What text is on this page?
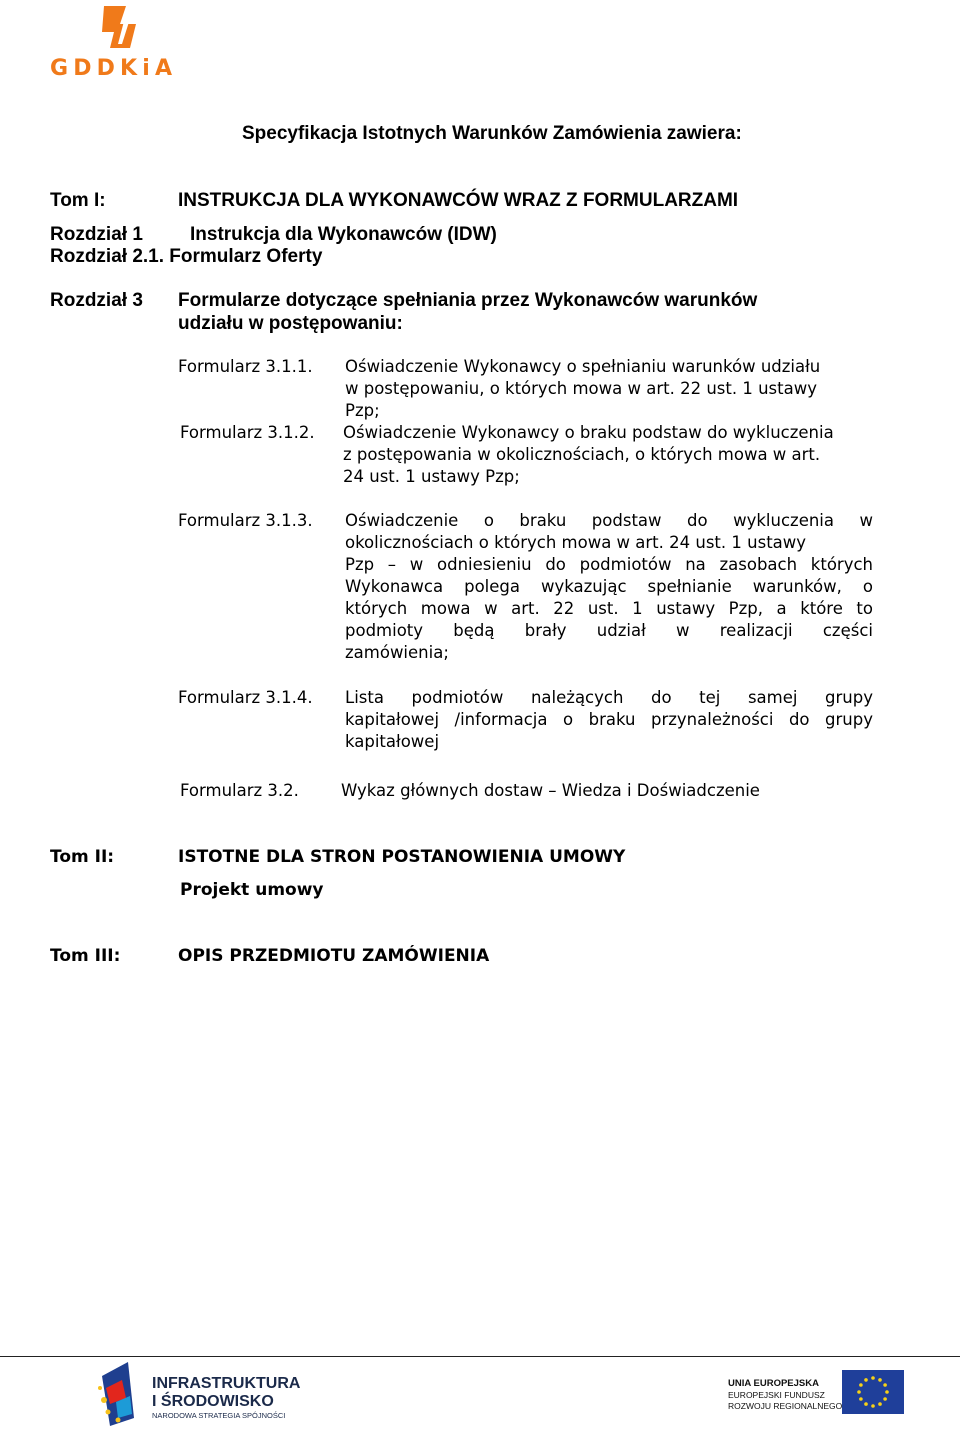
GDDKiA
Specyfikacja Istotnych Warunków Zamówienia zawiera:
Tom I:	INSTRUKCJA DLA WYKONAWCÓW WRAZ Z FORMULARZAMI
Rozdział 1 Instrukcja dla Wykonawców (IDW)
Rozdział 2.1. Formularz Oferty
Rozdział 3 Formularze dotyczące spełniania przez Wykonawców warunków
udziału w postępowaniu:
Formularz 3.1.1. Oświadczenie Wykonawcy o spełnianiu warunków udziału
w postępowaniu, o których mowa w art. 22 ust. 1 ustawy
Pzp;
Formularz 3.1.2. Oświadczenie Wykonawcy o braku podstaw do wykluczenia
z postępowania w okolicznościach, o których mowa w art.
24 ust. 1 ustawy Pzp;
Formularz 3.1.3. Oświadczenie o braku podstaw do wykluczenia w
okolicznościach o których mowa w art. 24 ust. 1 ustawy
Pzp – w odniesieniu do podmiotów na zasobach których
Wykonawca polega wykazując spełnianie warunków, o
których mowa w art. 22 ust. 1 ustawy Pzp, a które to
podmioty będą brały udział w realizacji części
zamówienia;
Formularz 3.1.4. Lista podmiotów należących do tej samej grupy
kapitałowej /informacja o braku przynależności do grupy
kapitałowej
Formularz 3.2.	Wykaz głównych dostaw – Wiedza i Doświadczenie
Tom II:	ISTOTNE DLA STRON POSTANOWIENIA UMOWY
Projekt umowy
Tom III:	OPIS PRZEDMIOTU ZAMÓWIENIA
INFRASTRUKTURA
I ŚRODOWISKO
NARODOWA STRATEGIA SPÓJNOŚCI
UNIA EUROPEJSKA
EUROPEJSKI FUNDUSZ
ROZWOJU REGIONALNEGO
